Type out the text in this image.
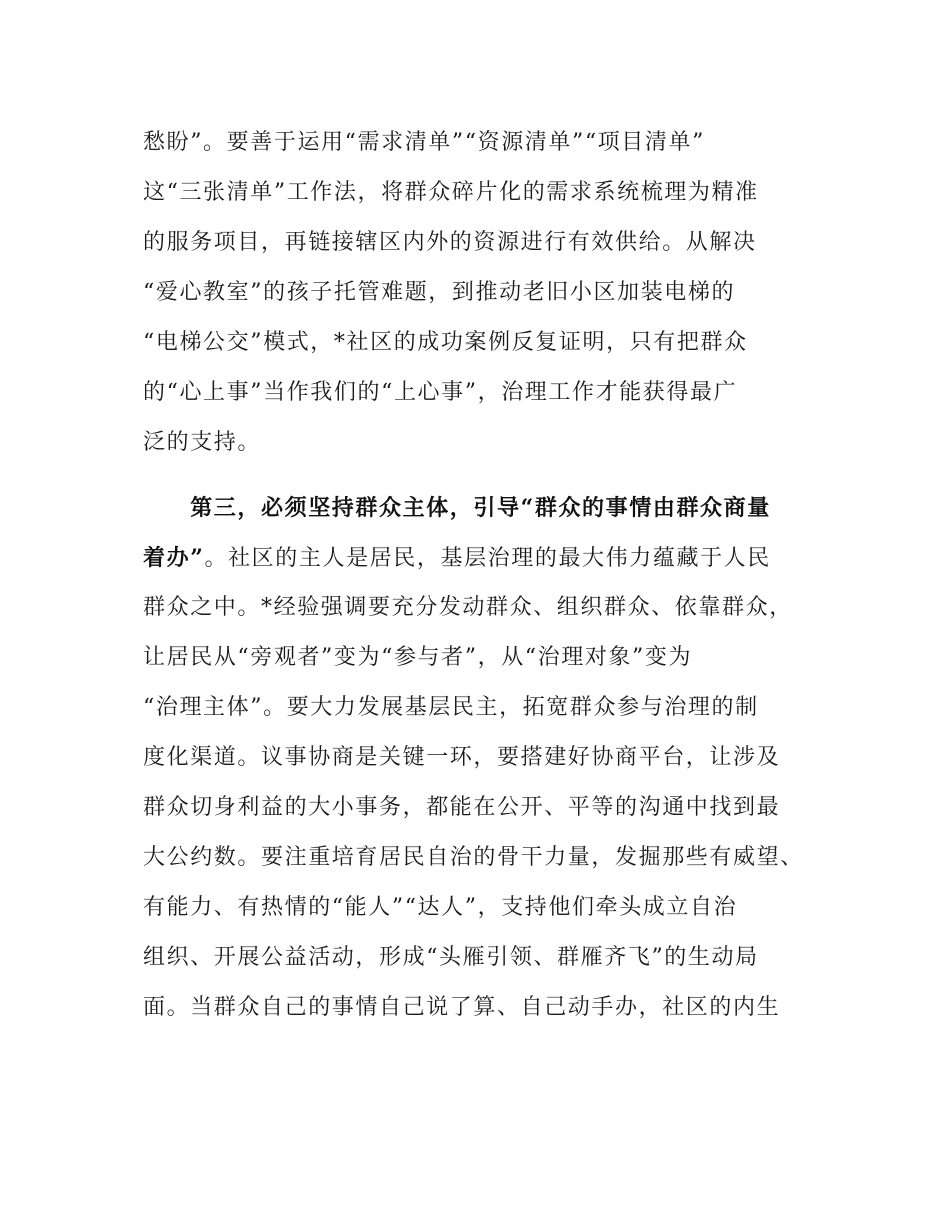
愁盼”。要善于运用“需求清单”“资源清单”“项目清单”
这“三张清单”工作法，将群众碎片化的需求系统梳理为精准
的服务项目，再链接辖区内外的资源进行有效供给。从解决
“爱心教室”的孩子托管难题，到推动老旧小区加装电梯的
“电梯公交”模式，*社区的成功案例反复证明，只有把群众
的“心上事”当作我们的“上心事”，治理工作才能获得最广
泛的支持。
　　第三，必须坚持群众主体，引导“群众的事情由群众商量
着办”。社区的主人是居民，基层治理的最大伟力蕴藏于人民
群众之中。*经验强调要充分发动群众、组织群众、依靠群众，
让居民从“旁观者”变为“参与者”，从“治理对象”变为
“治理主体”。要大力发展基层民主，拓宽群众参与治理的制
度化渠道。议事协商是关键一环，要搭建好协商平台，让涉及
群众切身利益的大小事务，都能在公开、平等的沟通中找到最
大公约数。要注重培育居民自治的骨干力量，发掘那些有威望、
有能力、有热情的“能人”“达人”，支持他们牵头成立自治
组织、开展公益活动，形成“头雁引领、群雁齐飞”的生动局
面。当群众自己的事情自己说了算、自己动手办，社区的内生
